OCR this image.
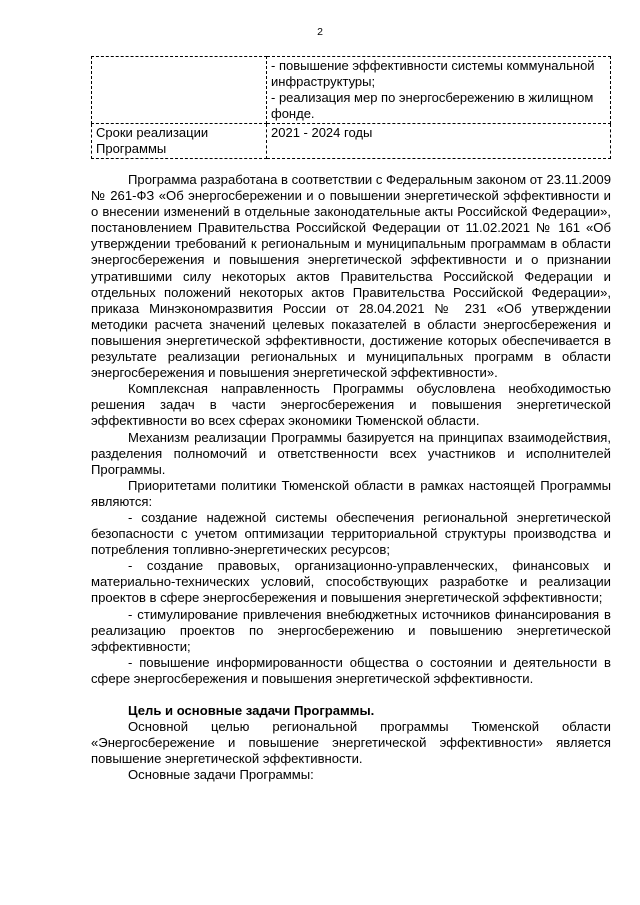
2

	- повышение эффективности системы коммунальной инфраструктуры;
- реализация мер по энергосбережению в жилищном фонде.

Сроки реализации Программы	2021 - 2024 годы

Программа разработана в соответствии с Федеральным законом от 23.11.2009 № 261-ФЗ «Об энергосбережении и о повышении энергетической эффективности и о внесении изменений в отдельные законодательные акты Российской Федерации», постановлением Правительства Российской Федерации от 11.02.2021 № 161 «Об утверждении требований к региональным и муниципальным программам в области энергосбережения и повышения энергетической эффективности и о признании утратившими силу некоторых актов Правительства Российской Федерации и отдельных положений некоторых актов Правительства Российской Федерации», приказа Минэкономразвития России от 28.04.2021 № 231 «Об утверждении методики расчета значений целевых показателей в области энергосбережения и повышения энергетической эффективности, достижение которых обеспечивается в результате реализации региональных и муниципальных программ в области энергосбережения и повышения энергетической эффективности».

Комплексная направленность Программы обусловлена необходимостью решения задач в части энергосбережения и повышения энергетической эффективности во всех сферах экономики Тюменской области.

Механизм реализации Программы базируется на принципах взаимодействия, разделения полномочий и ответственности всех участников и исполнителей Программы.

Приоритетами политики Тюменской области в рамках настоящей Программы являются:

- создание надежной системы обеспечения региональной энергетической безопасности с учетом оптимизации территориальной структуры производства и потребления топливно-энергетических ресурсов;

- создание правовых, организационно-управленческих, финансовых и материально-технических условий, способствующих разработке и реализации проектов в сфере энергосбережения и повышения энергетической эффективности;

- стимулирование привлечения внебюджетных источников финансирования в реализацию проектов по энергосбережению и повышению энергетической эффективности;

- повышение информированности общества о состоянии и деятельности в сфере энергосбережения и повышения энергетической эффективности.

Цель и основные задачи Программы.

Основной целью региональной программы Тюменской области «Энергосбережение и повышение энергетической эффективности» является повышение энергетической эффективности.

Основные задачи Программы:
